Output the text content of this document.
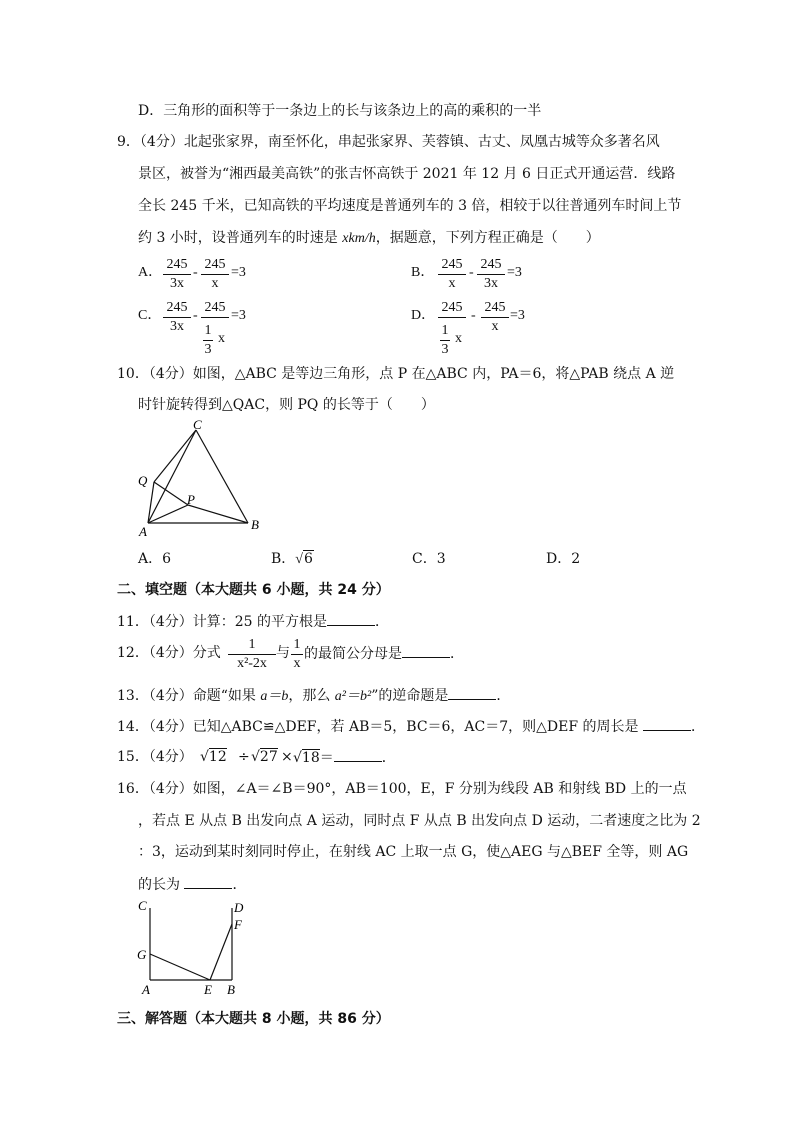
D．三角形的面积等于一条边上的长与该条边上的高的乘积的一半
9．（4分）北起张家界，南至怀化，串起张家界、芙蓉镇、古丈、凤凰古城等众多著名风
景区，被誉为“湘西最美高铁”的张吉怀高铁于 2021 年 12 月 6 日正式开通运营．线路
全长 245 千米，已知高铁的平均速度是普通列车的 3 倍，相较于以往普通列车时间上节
约 3 小时，设普通列车的时速是 xkm/h，据题意，下列方程正确是（　　）
A．
245
3x
-
245
x
=3	B．
245
x
-
245
3x
=3
C．
245
3x
-
245
1
3
x
=3	D．
245
1
3
x
-
245
x
=3
10．（4分）如图，△ABC 是等边三角形，点 P 在△ABC 内，PA＝6，将△PAB 绕点 A 逆
时针旋转得到△QAC，则 PQ 的长等于（　　）
C
Q
P
A	B
A．6	B．√6	C．3	D．2
二、填空题（本大题共 6 小题，共 24 分）
11．（4分）计算：25 的平方根是	．
12．（4分）分式
1
x²-2x
与
1
x
的最简公分母是	．
13．（4分）命题“如果 a＝b，那么 a²＝b²”的逆命题是	．
14．（4分）已知△ABC≌△DEF，若 AB＝5，BC＝6，AC＝7，则△DEF 的周长是	．
15．（4分） √12 ÷ √27 × √18＝	．
16．（4分）如图，∠A＝∠B＝90°，AB＝100，E，F 分别为线段 AB 和射线 BD 上的一点
，若点 E 从点 B 出发向点 A 运动，同时点 F 从点 B 出发向点 D 运动，二者速度之比为 2
：3，运动到某时刻同时停止，在射线 AC 上取一点 G，使△AEG 与△BEF 全等，则 AG
的长为	．
C	D
F
G
A	E B
三、解答题（本大题共 8 小题，共 86 分）
